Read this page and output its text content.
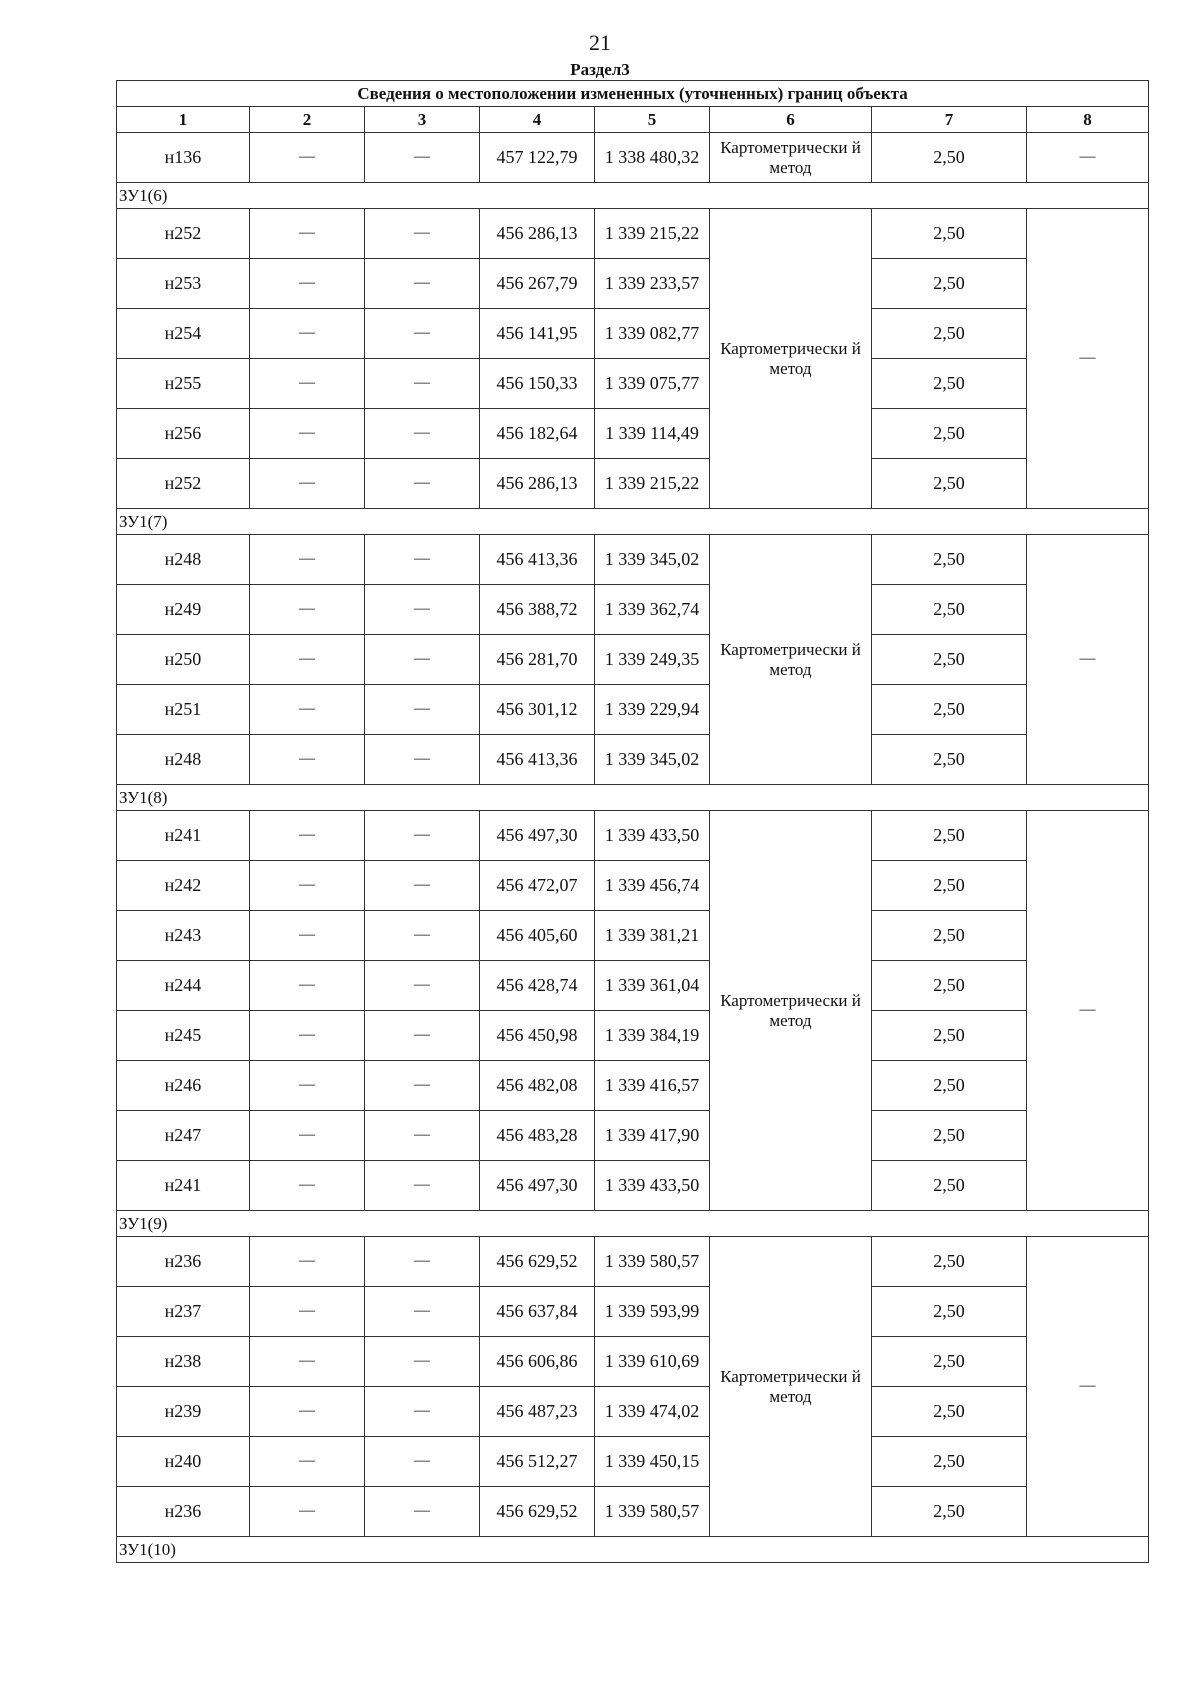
21
Раздел3
Сведения о местоположении измененных (уточненных) границ объекта							
1	2	3	4	5	6	7	8
н136	—	—	457 122,79	1 338 480,32	Картометрически й метод	2,50	—
ЗУ1(6)							
н252	—	—	456 286,13	1 339 215,22	Картометрически й метод	2,50	—
н253	—	—	456 267,79	1 339 233,57		2,50	
н254	—	—	456 141,95	1 339 082,77		2,50	
н255	—	—	456 150,33	1 339 075,77		2,50	
н256	—	—	456 182,64	1 339 114,49		2,50	
н252	—	—	456 286,13	1 339 215,22		2,50	
ЗУ1(7)							
н248	—	—	456 413,36	1 339 345,02	Картометрически й метод	2,50	—
н249	—	—	456 388,72	1 339 362,74		2,50	
н250	—	—	456 281,70	1 339 249,35		2,50	
н251	—	—	456 301,12	1 339 229,94		2,50	
н248	—	—	456 413,36	1 339 345,02		2,50	
ЗУ1(8)							
н241	—	—	456 497,30	1 339 433,50	Картометрически й метод	2,50	—
н242	—	—	456 472,07	1 339 456,74		2,50	
н243	—	—	456 405,60	1 339 381,21		2,50	
н244	—	—	456 428,74	1 339 361,04		2,50	
н245	—	—	456 450,98	1 339 384,19		2,50	
н246	—	—	456 482,08	1 339 416,57		2,50	
н247	—	—	456 483,28	1 339 417,90		2,50	
н241	—	—	456 497,30	1 339 433,50		2,50	
ЗУ1(9)							
н236	—	—	456 629,52	1 339 580,57	Картометрически й метод	2,50	—
н237	—	—	456 637,84	1 339 593,99		2,50	
н238	—	—	456 606,86	1 339 610,69		2,50	
н239	—	—	456 487,23	1 339 474,02		2,50	
н240	—	—	456 512,27	1 339 450,15		2,50	
н236	—	—	456 629,52	1 339 580,57		2,50	
ЗУ1(10)							
